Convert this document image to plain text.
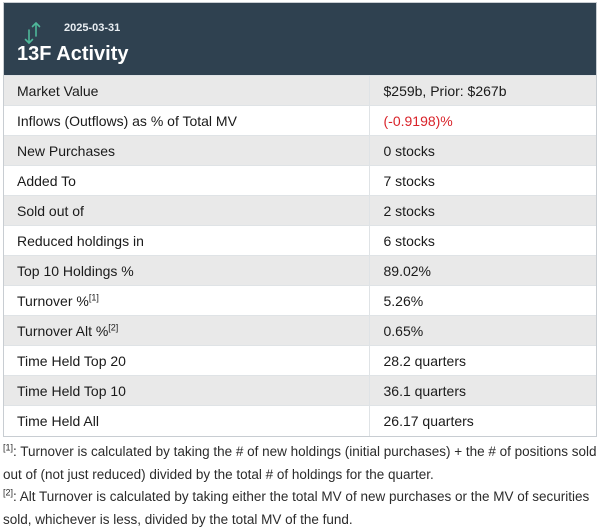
2025-03-31
13F Activity
Market Value	$259b, Prior: $267b
Inflows (Outflows) as % of Total MV	(-0.9198)%
New Purchases	0 stocks
Added To	7 stocks
Sold out of	2 stocks
Reduced holdings in	6 stocks
Top 10 Holdings %	89.02%
Turnover %[1]	5.26%
Turnover Alt %[2]	0.65%
Time Held Top 20	28.2 quarters
Time Held Top 10	36.1 quarters
Time Held All	26.17 quarters

[1]: Turnover is calculated by taking the # of new holdings (initial purchases) + the # of positions sold out of (not just reduced) divided by the total # of holdings for the quarter.

[2]: Alt Turnover is calculated by taking either the total MV of new purchases or the MV of securities sold, whichever is less, divided by the total MV of the fund.
